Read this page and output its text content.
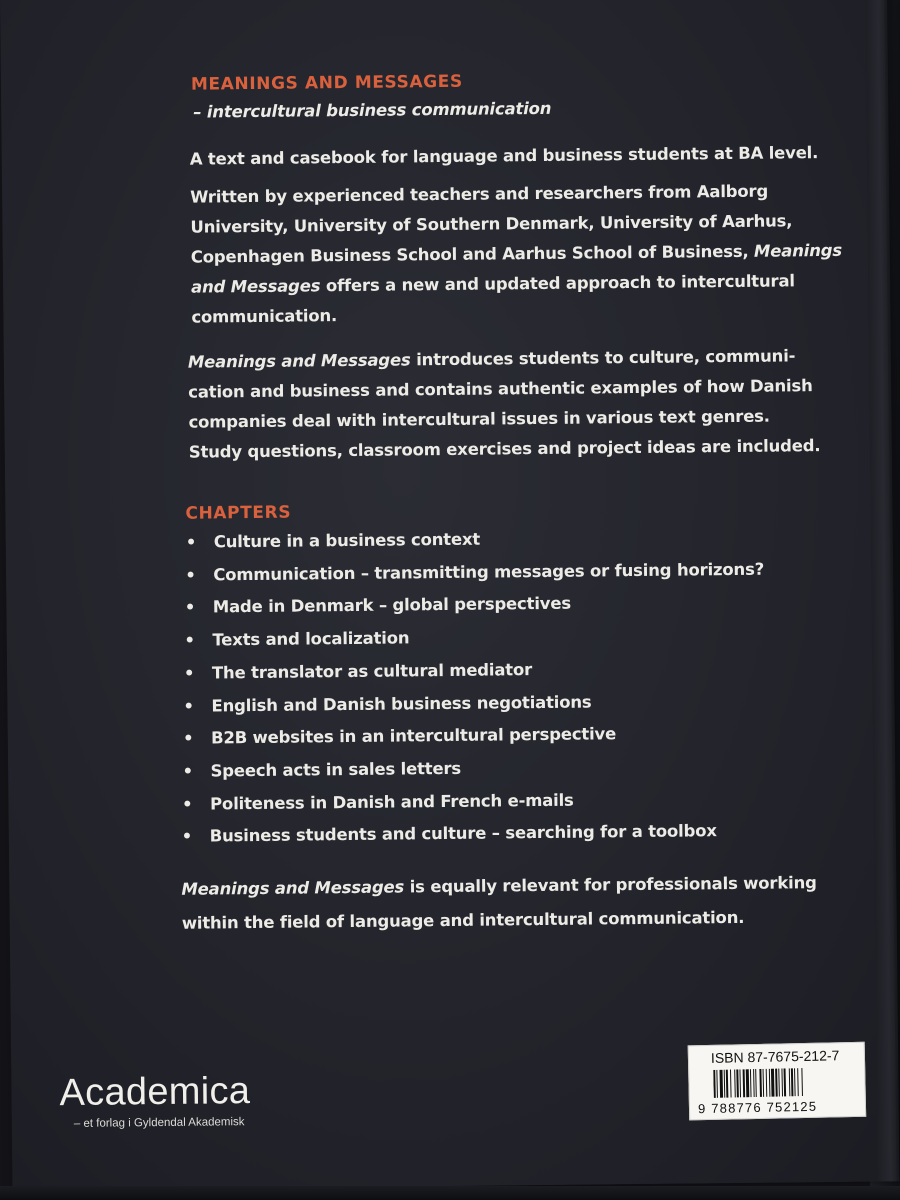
MEANINGS AND MESSAGES
– intercultural business communication
A text and casebook for language and business students at BA level.
Written by experienced teachers and researchers from Aalborg
University, University of Southern Denmark, University of Aarhus,
Copenhagen Business School and Aarhus School of Business, Meanings
and Messages offers a new and updated approach to intercultural
communication.
Meanings and Messages introduces students to culture, communi-
cation and business and contains authentic examples of how Danish
companies deal with intercultural issues in various text genres.
Study questions, classroom exercises and project ideas are included.
CHAPTERS
• Culture in a business context
• Communication – transmitting messages or fusing horizons?
• Made in Denmark – global perspectives
• Texts and localization
• The translator as cultural mediator
• English and Danish business negotiations
• B2B websites in an intercultural perspective
• Speech acts in sales letters
• Politeness in Danish and French e-mails
• Business students and culture – searching for a toolbox
Meanings and Messages is equally relevant for professionals working
within the field of language and intercultural communication.
Academica
– et forlag i Gyldendal Akademisk
ISBN 87-7675-212-7
9 788776 752125
